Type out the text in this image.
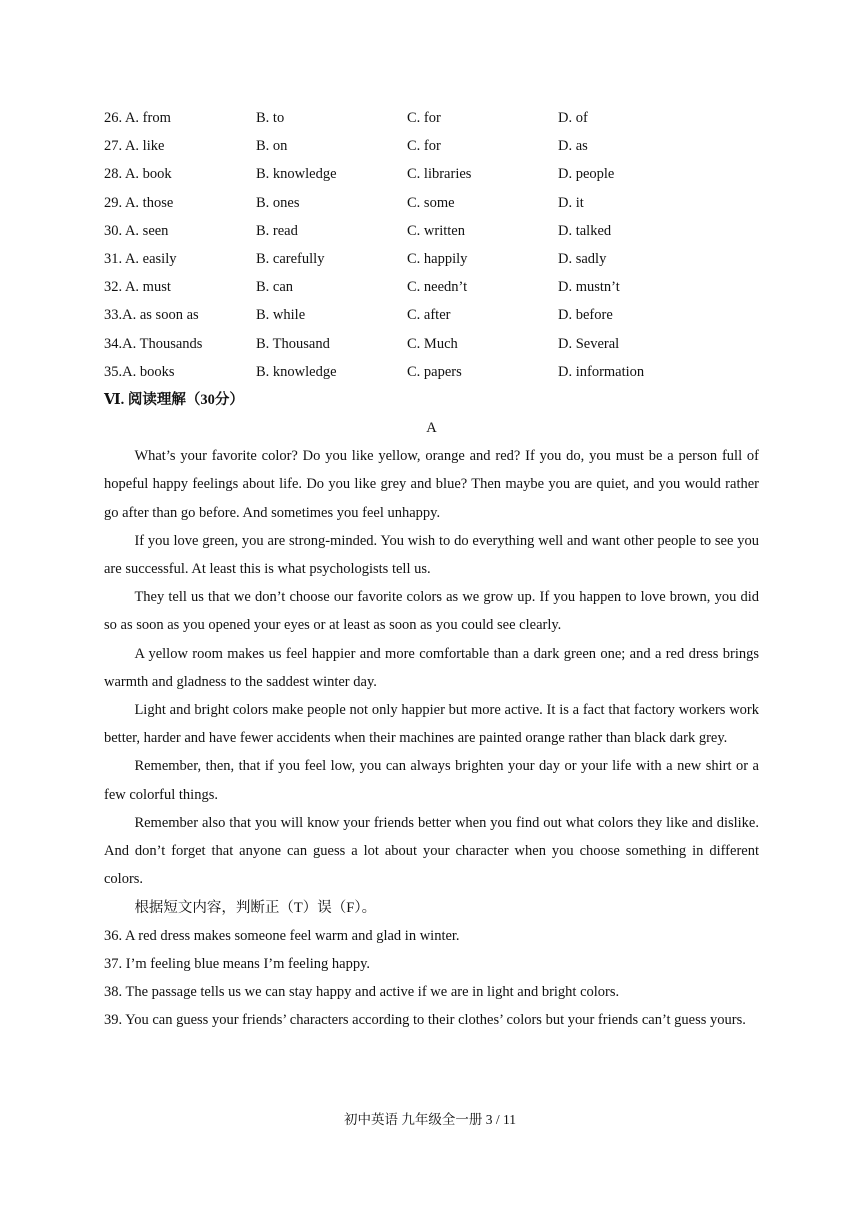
26. A. from	B. to	C. for	D. of
27. A. like	B. on	C. for	D. as
28. A. book	B. knowledge	C. libraries	D. people
29. A. those	B. ones	C. some	D. it
30. A. seen	B. read	C. written	D. talked
31. A. easily	B. carefully	C. happily	D. sadly
32. A. must	B. can	C. needn’t	D. mustn’t
33.A. as soon as	B. while	C. after	D. before
34.A. Thousands	B. Thousand	C. Much	D. Several
35.A. books	B. knowledge	C. papers	D. information
Ⅵ. 阅读理解（30分）
A

What’s your favorite color? Do you like yellow, orange and red? If you do, you must be a person full of hopeful happy feelings about life. Do you like grey and blue? Then maybe you are quiet, and you would rather go after than go before. And sometimes you feel unhappy.

If you love green, you are strong-minded. You wish to do everything well and want other people to see you are successful. At least this is what psychologists tell us.

They tell us that we don’t choose our favorite colors as we grow up. If you happen to love brown, you did so as soon as you opened your eyes or at least as soon as you could see clearly.

A yellow room makes us feel happier and more comfortable than a dark green one; and a red dress brings warmth and gladness to the saddest winter day.

Light and bright colors make people not only happier but more active. It is a fact that factory workers work better, harder and have fewer accidents when their machines are painted orange rather than black dark grey.

Remember, then, that if you feel low, you can always brighten your day or your life with a new shirt or a few colorful things.

Remember also that you will know your friends better when you find out what colors they like and dislike. And don’t forget that anyone can guess a lot about your character when you choose something in different colors.

根据短文内容，判断正（T）误（F）。

36. A red dress makes someone feel warm and glad in winter.

37. I’m feeling blue means I’m feeling happy.

38. The passage tells us we can stay happy and active if we are in light and bright colors.

39. You can guess your friends’ characters according to their clothes’ colors but your friends can’t guess yours.

初中英语 九年级全一册 3 / 11
